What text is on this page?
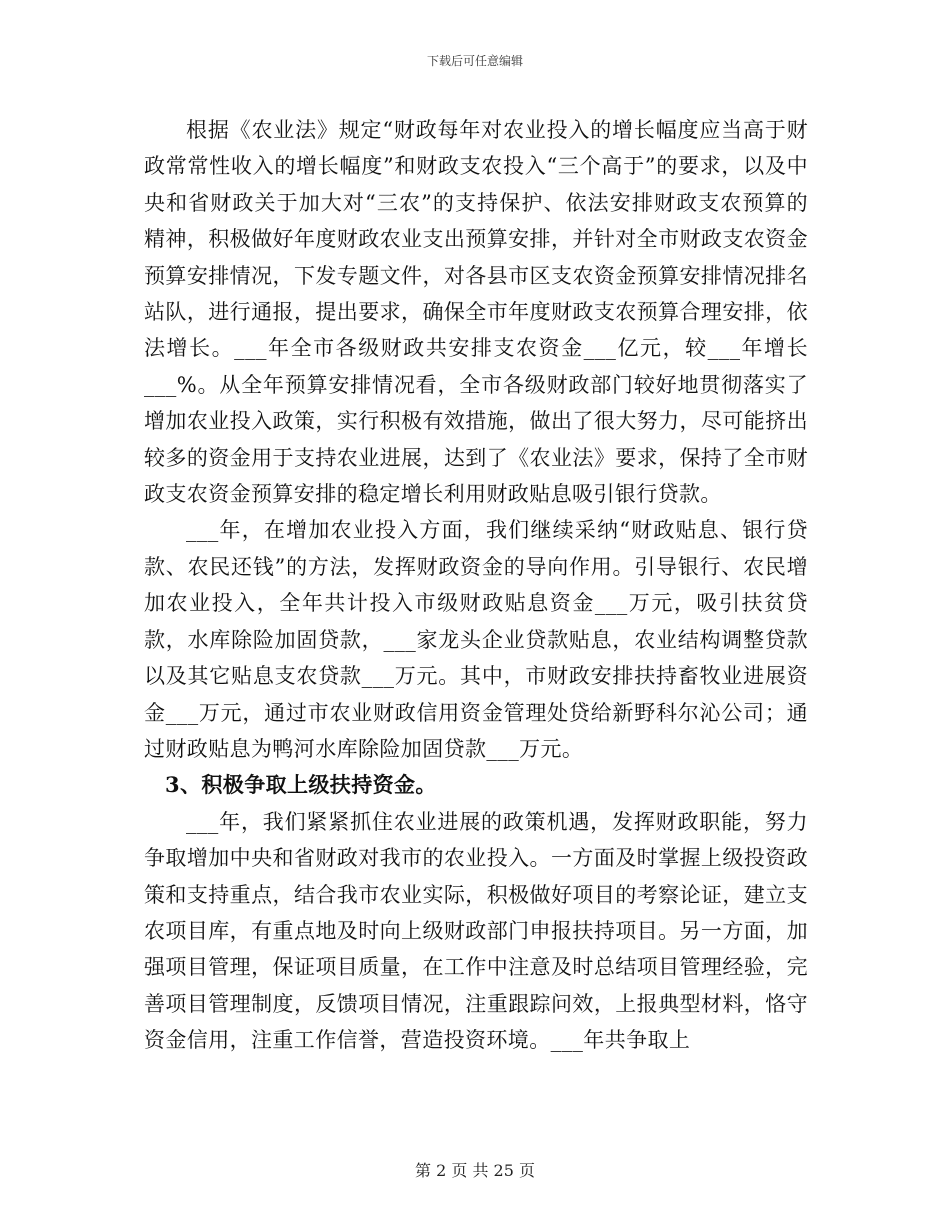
下载后可任意编辑

根据《农业法》规定“财政每年对农业投入的增长幅度应当高于财政常常性收入的增长幅度”和财政支农投入“三个高于”的要求，以及中央和省财政关于加大对“三农”的支持保护、依法安排财政支农预算的精神，积极做好年度财政农业支出预算安排，并针对全市财政支农资金预算安排情况，下发专题文件，对各县市区支农资金预算安排情况排名站队，进行通报，提出要求，确保全市年度财政支农预算合理安排，依法增长。___年全市各级财政共安排支农资金___亿元，较___年增长___%。从全年预算安排情况看，全市各级财政部门较好地贯彻落实了增加农业投入政策，实行积极有效措施，做出了很大努力，尽可能挤出较多的资金用于支持农业进展，达到了《农业法》要求，保持了全市财政支农资金预算安排的稳定增长利用财政贴息吸引银行贷款。

___年，在增加农业投入方面，我们继续采纳“财政贴息、银行贷款、农民还钱”的方法，发挥财政资金的导向作用。引导银行、农民增加农业投入，全年共计投入市级财政贴息资金___万元，吸引扶贫贷款，水库除险加固贷款，___家龙头企业贷款贴息，农业结构调整贷款以及其它贴息支农贷款___万元。其中，市财政安排扶持畜牧业进展资金___万元，通过市农业财政信用资金管理处贷给新野科尔沁公司；通过财政贴息为鸭河水库除险加固贷款___万元。

3、积极争取上级扶持资金。

___年，我们紧紧抓住农业进展的政策机遇，发挥财政职能，努力争取增加中央和省财政对我市的农业投入。一方面及时掌握上级投资政策和支持重点，结合我市农业实际，积极做好项目的考察论证，建立支农项目库，有重点地及时向上级财政部门申报扶持项目。另一方面，加强项目管理，保证项目质量，在工作中注意及时总结项目管理经验，完善项目管理制度，反馈项目情况，注重跟踪问效，上报典型材料，恪守资金信用，注重工作信誉，营造投资环境。___年共争取上

第 2 页 共 25 页
